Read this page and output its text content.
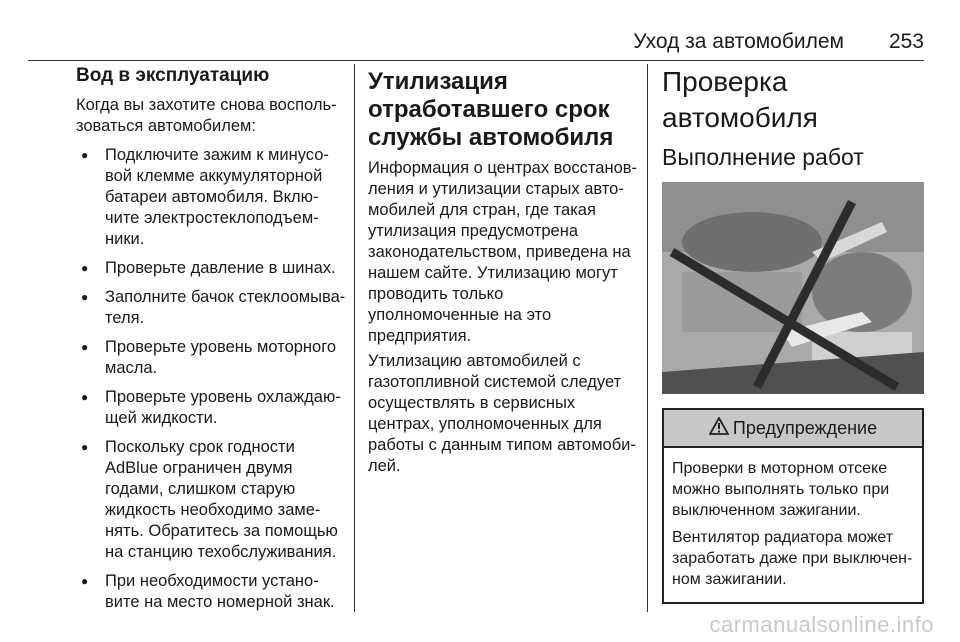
Уход за автомобилем 253
Вод в эксплуатацию

Когда вы захотите снова воспользоваться автомобилем:

● Подключите зажим к минусовой клемме аккумуляторной батареи автомобиля. Включите электростеклоподъемники.
● Проверьте давление в шинах.
● Заполните бачок стеклоомывателя.
● Проверьте уровень моторного масла.
● Проверьте уровень охлаждающей жидкости.
● Поскольку срок годности AdBlue ограничен двумя годами, слишком старую жидкость необходимо заменять. Обратитесь за помощью на станцию техобслуживания.
● При необходимости установите на место номерной знак.
Утилизация отработавшего срок службы автомобиля

Информация о центрах восстановления и утилизации старых автомобилей для стран, где такая утилизация предусмотрена законодательством, приведена на нашем сайте. Утилизацию могут проводить только уполномоченные на это предприятия.

Утилизацию автомобилей с газотопливной системой следует осуществлять в сервисных центрах, уполномоченных для работы с данным типом автомобилей.

Проверка автомобиля
Выполнение работ
Предупреждение

Проверки в моторном отсеке можно выполнять только при выключенном зажигании.

Вентилятор радиатора может заработать даже при выключенном зажигании.

carmanualsonline.info
